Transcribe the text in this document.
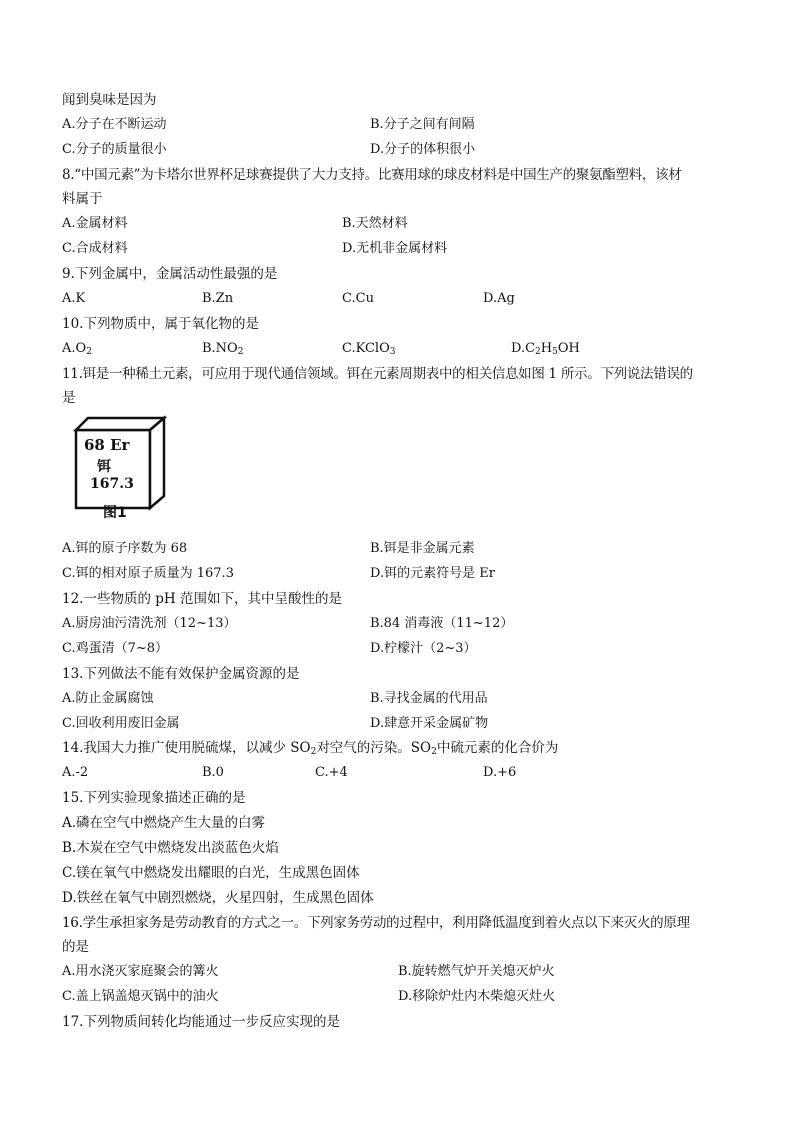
闻到臭味是因为
A.分子在不断运动	B.分子之间有间隔
C.分子的质量很小	D.分子的体积很小
8.“中国元素”为卡塔尔世界杯足球赛提供了大力支持。比赛用球的球皮材料是中国生产的聚氨酯塑料，该材
料属于
A.金属材料	B.天然材料
C.合成材料	D.无机非金属材料
9.下列金属中，金属活动性最强的是
A.K	B.Zn	C.Cu	D.Ag
10.下列物质中，属于氧化物的是
$A.O_2$	$B.NO_2$	C.KClO$_3$	$D.C_2H_5OH$
11.铒是一种稀土元素，可应用于现代通信领域。铒在元素周期表中的相关信息如图 1 所示。下列说法错误的
是
68 Er
铒
167.3
图1
A.铒的原子序数为 68	B.铒是非金属元素
C.铒的相对原子质量为 167.3	D.铒的元素符号是 Er
12.一些物质的 pH 范围如下，其中呈酸性的是
A.厨房油污清洗剂（12~13）	B.84 消毒液（11~12）
C.鸡蛋清（7~8）	D.柠檬汁（2~3）
13.下列做法不能有效保护金属资源的是
A.防止金属腐蚀	B.寻找金属的代用品
C.回收利用废旧金属	D.肆意开采金属矿物
14.我国大力推广使用脱硫煤，以减少 $SO_2$对空气的污染。$SO_2$中硫元素的化合价为
A.-2	B.0	C.+4	D.+6
15.下列实验现象描述正确的是
A.磷在空气中燃烧产生大量的白雾
B.木炭在空气中燃烧发出淡蓝色火焰
C.镁在氧气中燃烧发出耀眼的白光，生成黑色固体
D.铁丝在氧气中剧烈燃烧，火星四射，生成黑色固体
16.学生承担家务是劳动教育的方式之一。下列家务劳动的过程中，利用降低温度到着火点以下来灭火的原理
的是
A.用水浇灭家庭聚会的篝火	B.旋转燃气炉开关熄灭炉火
C.盖上锅盖熄灭锅中的油火	D.移除炉灶内木柴熄灭灶火
17.下列物质间转化均能通过一步反应实现的是
